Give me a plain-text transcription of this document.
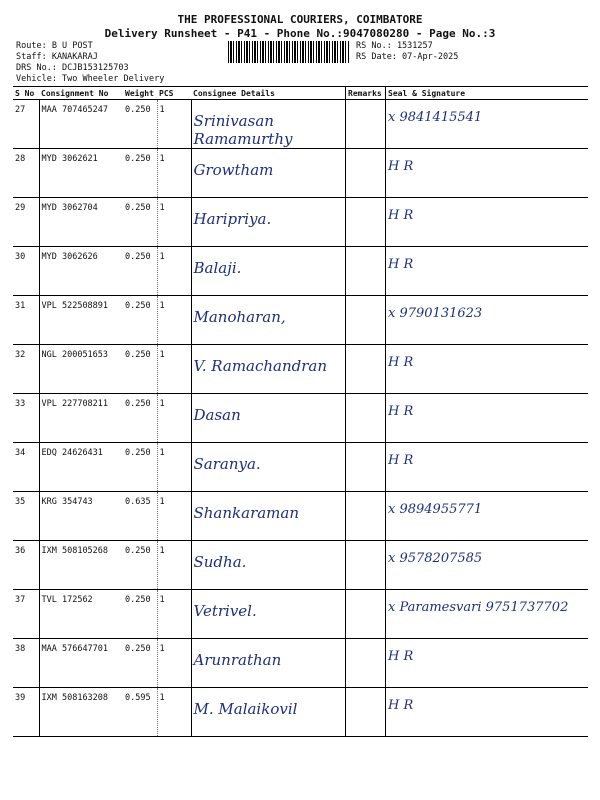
THE PROFESSIONAL COURIERS, COIMBATORE
Delivery Runsheet - P41 - Phone No.:9047080280 - Page No.:3
Route: B U POST
Staff: KANAKARAJ
DRS No.: DCJB153125703
Vehicle: Two Wheeler Delivery
RS No.: 1531257
RS Date: 07-Apr-2025
S No	Consignment No	Weight	PCS	Consignee Details	Remarks	Seal & Signature
27	MAA 707465247	0.250	1	Srinivasan Ramamurthy		x 9841415541
28	MYD 3062621	0.250	1	Growtham		H R
29	MYD 3062704	0.250	1	Haripriya.		H R
30	MYD 3062626	0.250	1	Balaji.		H R
31	VPL 522508891	0.250	1	Manoharan,		x 9790131623
32	NGL 200051653	0.250	1	V. Ramachandran		H R
33	VPL 227708211	0.250	1	Dasan		H R
34	EDQ 24626431	0.250	1	Saranya.		H R
35	KRG 354743	0.635	1	Shankaraman		x 9894955771
36	IXM 508105268	0.250	1	Sudha.		x 9578207585
37	TVL 172562	0.250	1	Vetrivel.		x Paramesvari 9751737702
38	MAA 576647701	0.250	1	Arunrathan		H R
39	IXM 508163208	0.595	1	M. Malaikovil		H R
